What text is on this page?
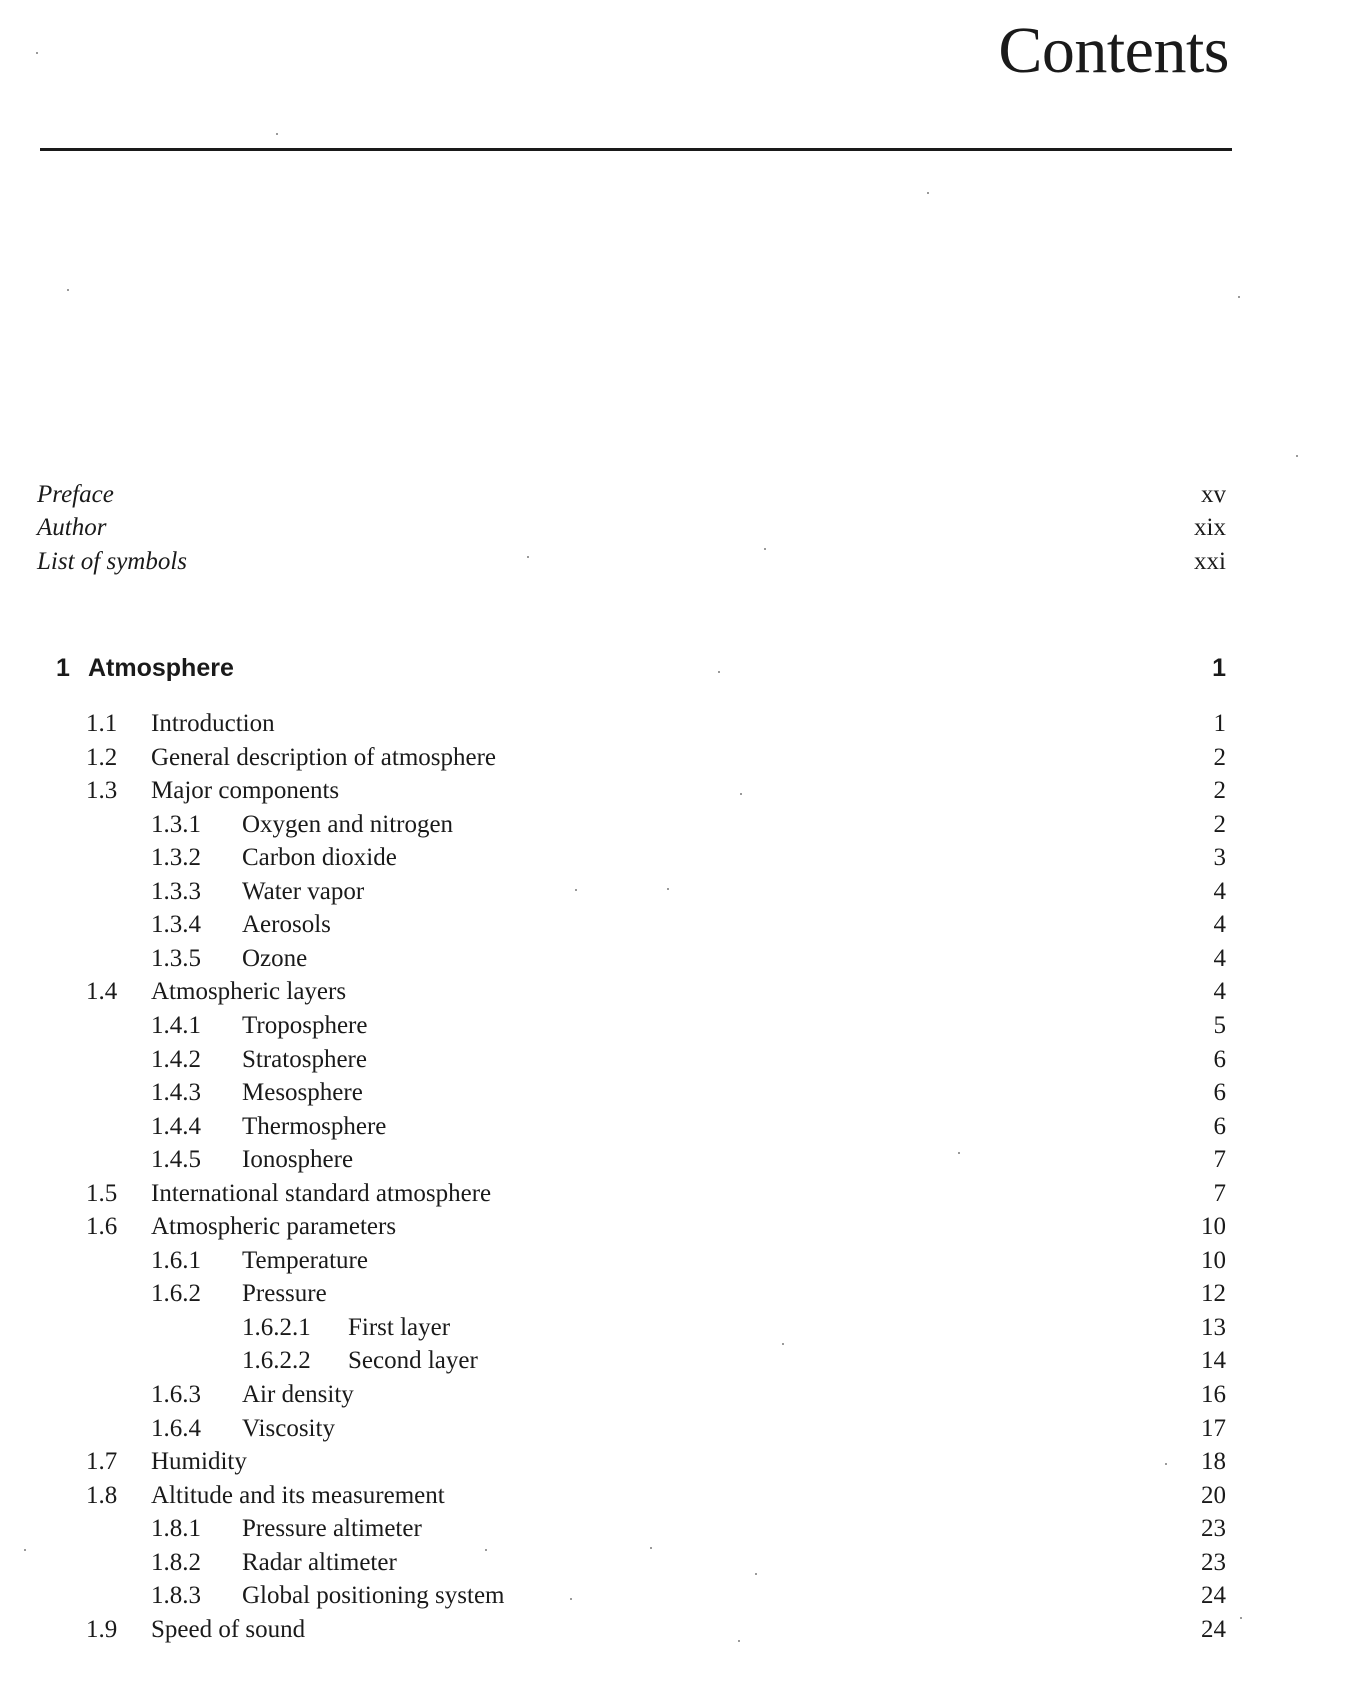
Contents
Preface	xv
Author	xix
List of symbols	xxi
1 Atmosphere	1
1.1 Introduction	1
1.2 General description of atmosphere	2
1.3 Major components	2
1.3.1 Oxygen and nitrogen	2
1.3.2 Carbon dioxide	3
1.3.3 Water vapor	4
1.3.4 Aerosols	4
1.3.5 Ozone	4
1.4 Atmospheric layers	4
1.4.1 Troposphere	5
1.4.2 Stratosphere	6
1.4.3 Mesosphere	6
1.4.4 Thermosphere	6
1.4.5 Ionosphere	7
1.5 International standard atmosphere	7
1.6 Atmospheric parameters	10
1.6.1 Temperature	10
1.6.2 Pressure	12
1.6.2.1 First layer	13
1.6.2.2 Second layer	14
1.6.3 Air density	16
1.6.4 Viscosity	17
1.7 Humidity	18
1.8 Altitude and its measurement	20
1.8.1 Pressure altimeter	23
1.8.2 Radar altimeter	23
1.8.3 Global positioning system	24
1.9 Speed of sound	24
